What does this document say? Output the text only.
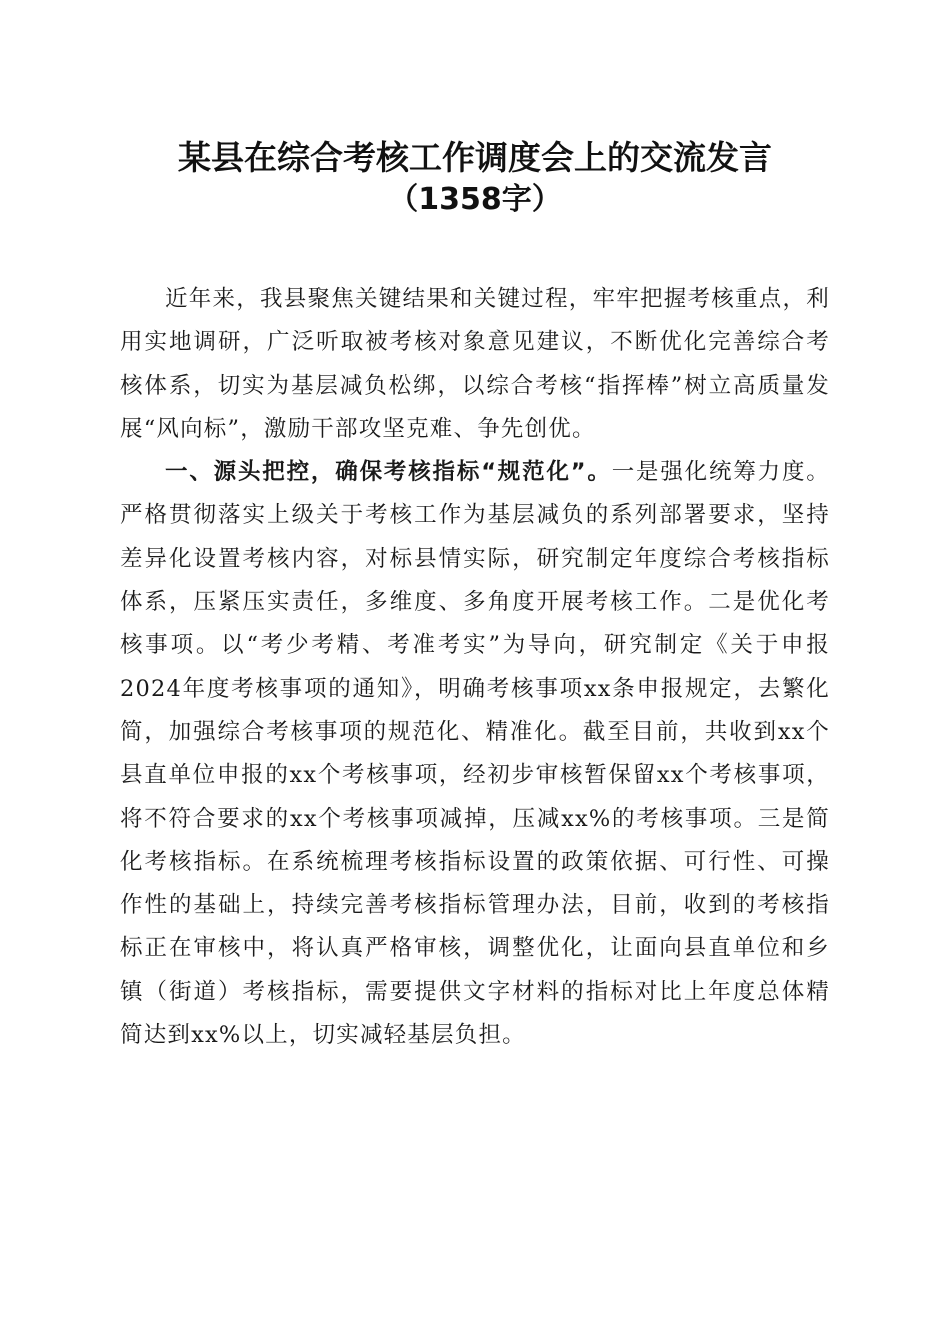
某县在综合考核工作调度会上的交流发言
（1358字）

近年来，我县聚焦关键结果和关键过程，牢牢把握考核重点，利用实地调研，广泛听取被考核对象意见建议，不断优化完善综合考核体系，切实为基层减负松绑，以综合考核“指挥棒”树立高质量发展“风向标”，激励干部攻坚克难、争先创优。

一、源头把控，确保考核指标“规范化”。一是强化统筹力度。严格贯彻落实上级关于考核工作为基层减负的系列部署要求，坚持差异化设置考核内容，对标县情实际，研究制定年度综合考核指标体系，压紧压实责任，多维度、多角度开展考核工作。二是优化考核事项。以“考少考精、考准考实”为导向，研究制定《关于申报2024年度考核事项的通知》，明确考核事项xx条申报规定，去繁化简，加强综合考核事项的规范化、精准化。截至目前，共收到xx个县直单位申报的xx个考核事项，经初步审核暂保留xx个考核事项，将不符合要求的xx个考核事项减掉，压减xx%的考核事项。三是简化考核指标。在系统梳理考核指标设置的政策依据、可行性、可操作性的基础上，持续完善考核指标管理办法，目前，收到的考核指标正在审核中，将认真严格审核，调整优化，让面向县直单位和乡镇（街道）考核指标，需要提供文字材料的指标对比上年度总体精简达到xx%以上，切实减轻基层负担。
